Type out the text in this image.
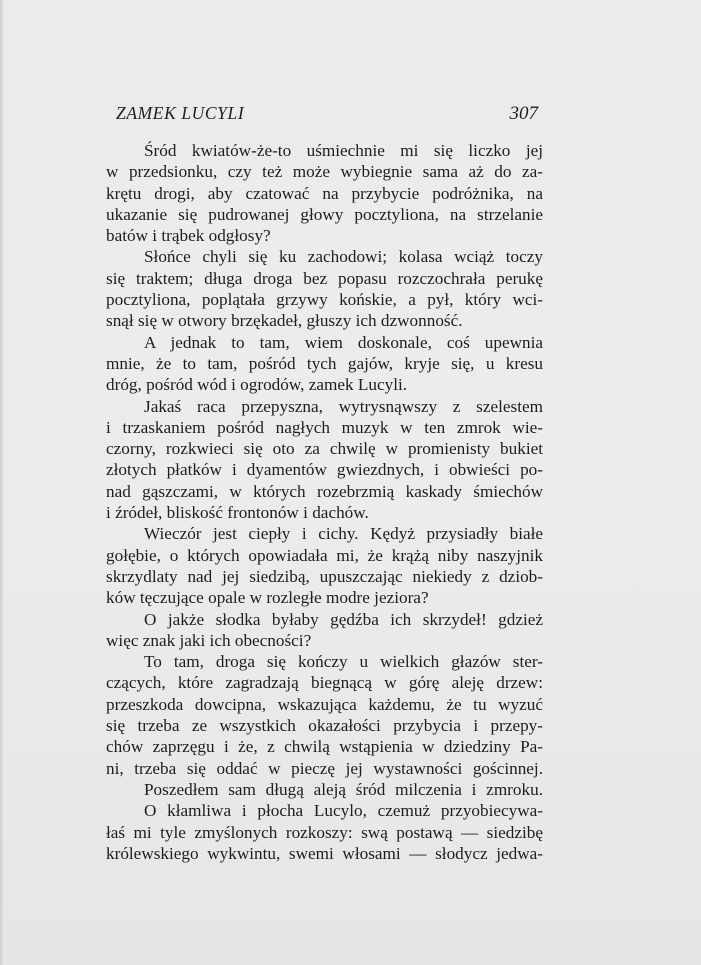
ZAMEK LUCYLI	307
Śród kwiatów-że-to uśmiechnie mi się liczko jej
w przedsionku, czy też może wybiegnie sama aż do za-
krętu drogi, aby czatować na przybycie podróżnika, na
ukazanie się pudrowanej głowy pocztyliona, na strzelanie
batów i trąbek odgłosy?
Słońce chyli się ku zachodowi; kolasa wciąż toczy
się traktem; długa droga bez popasu rozczochrała perukę
pocztyliona, poplątała grzywy końskie, a pył, który wci-
snął się w otwory brzękadeł, głuszy ich dzwonność.
A jednak to tam, wiem doskonale, coś upewnia
mnie, że to tam, pośród tych gajów, kryje się, u kresu
dróg, pośród wód i ogrodów, zamek Lucyli.
Jakaś raca przepyszna, wytrysnąwszy z szelestem
i trzaskaniem pośród nagłych muzyk w ten zmrok wie-
czorny, rozkwieci się oto za chwilę w promienisty bukiet
złotych płatków i dyamentów gwiezdnych, i obwieści po-
nad gąszczami, w których rozebrzmią kaskady śmiechów
i źródeł, bliskość frontonów i dachów.
Wieczór jest ciepły i cichy. Kędyż przysiadły białe
gołębie, o których opowiadała mi, że krążą niby naszyjnik
skrzydlaty nad jej siedzibą, upuszczając niekiedy z dziob-
ków tęczujące opale w rozległe modre jeziora?
O jakże słodka byłaby gędźba ich skrzydeł! gdzież
więc znak jaki ich obecności?
To tam, droga się kończy u wielkich głazów ster-
czących, które zagradzają biegnącą w górę aleję drzew:
przeszkoda dowcipna, wskazująca każdemu, że tu wyzuć
się trzeba ze wszystkich okazałości przybycia i przepy-
chów zaprzęgu i że, z chwilą wstąpienia w dziedziny Pa-
ni, trzeba się oddać w pieczę jej wystawności gościnnej.
Poszedłem sam długą aleją śród milczenia i zmroku.
O kłamliwa i płocha Lucylo, czemuż przyobiecywa-
łaś mi tyle zmyślonych rozkoszy: swą postawą — siedzibę
królewskiego wykwintu, swemi włosami — słodycz jedwa-
